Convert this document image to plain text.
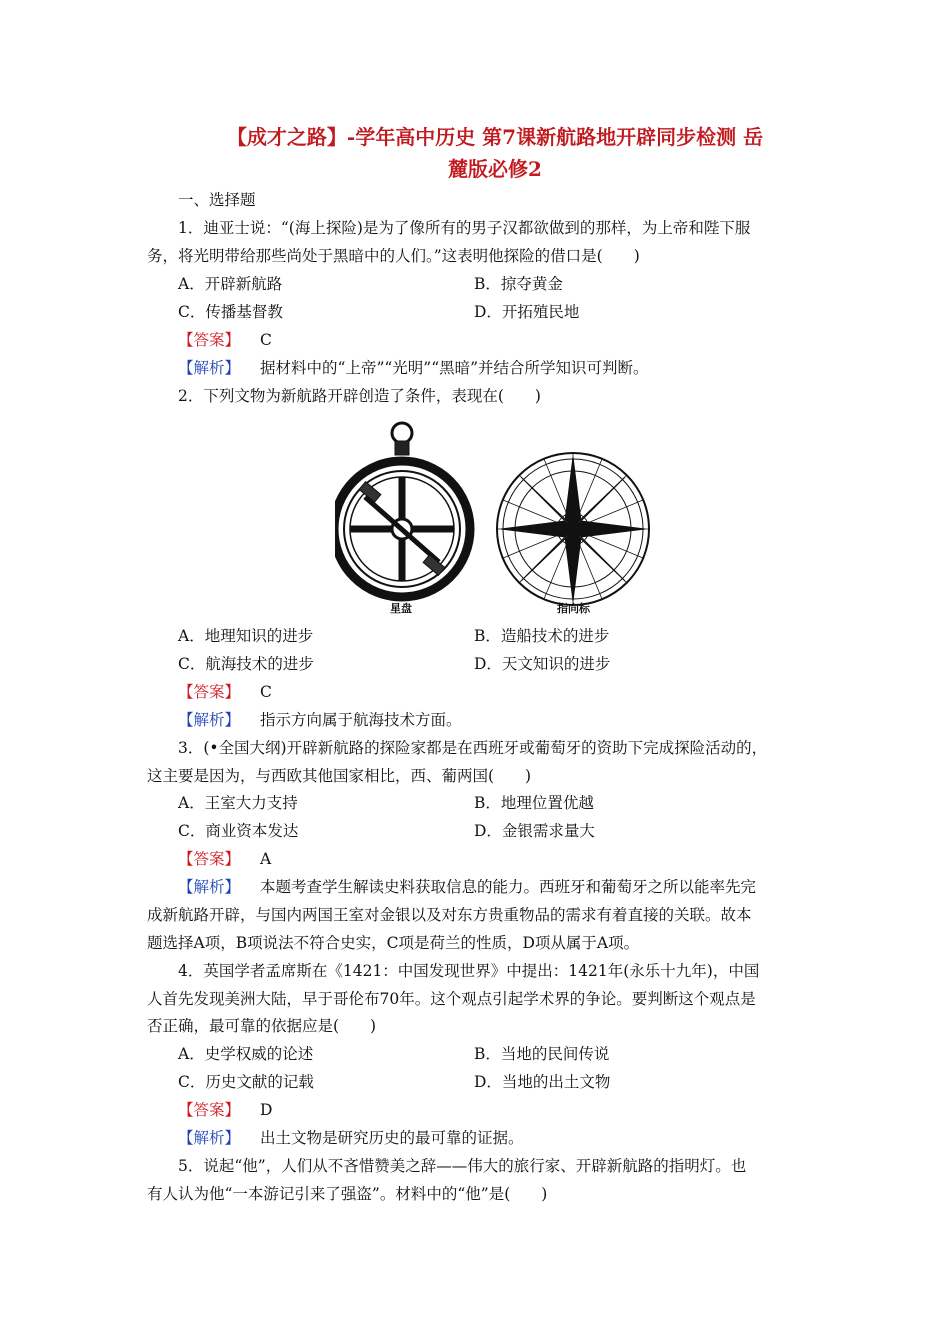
【成才之路】-学年高中历史 第7课新航路地开辟同步检测 岳
麓版必修2
一、选择题
1．迪亚士说：“(海上探险)是为了像所有的男子汉都欲做到的那样，为上帝和陛下服
务，将光明带给那些尚处于黑暗中的人们。”这表明他探险的借口是(　　)
A．开辟新航路	B．掠夺黄金
C．传播基督教	D．开拓殖民地
【答案】 C
【解析】 据材料中的“上帝”“光明”“黑暗”并结合所学知识可判断。
2．下列文物为新航路开辟创造了条件，表现在(　　)
星盘	指向标
A．地理知识的进步	B．造船技术的进步
C．航海技术的进步	D．天文知识的进步
【答案】 C
【解析】 指示方向属于航海技术方面。
3．(•全国大纲)开辟新航路的探险家都是在西班牙或葡萄牙的资助下完成探险活动的，
这主要是因为，与西欧其他国家相比，西、葡两国(　　)
A．王室大力支持	B．地理位置优越
C．商业资本发达	D．金银需求量大
【答案】 A
【解析】 本题考查学生解读史料获取信息的能力。西班牙和葡萄牙之所以能率先完
成新航路开辟，与国内两国王室对金银以及对东方贵重物品的需求有着直接的关联。故本
题选择A项，B项说法不符合史实，C项是荷兰的性质，D项从属于A项。
4．英国学者孟席斯在《1421：中国发现世界》中提出：1421年(永乐十九年)，中国
人首先发现美洲大陆，早于哥伦布70年。这个观点引起学术界的争论。要判断这个观点是
否正确，最可靠的依据应是(　　)
A．史学权威的论述	B．当地的民间传说
C．历史文献的记载	D．当地的出土文物
【答案】 D
【解析】 出土文物是研究历史的最可靠的证据。
5．说起“他”，人们从不吝惜赞美之辞——伟大的旅行家、开辟新航路的指明灯。也
有人认为他“一本游记引来了强盗”。材料中的“他”是(　　)
